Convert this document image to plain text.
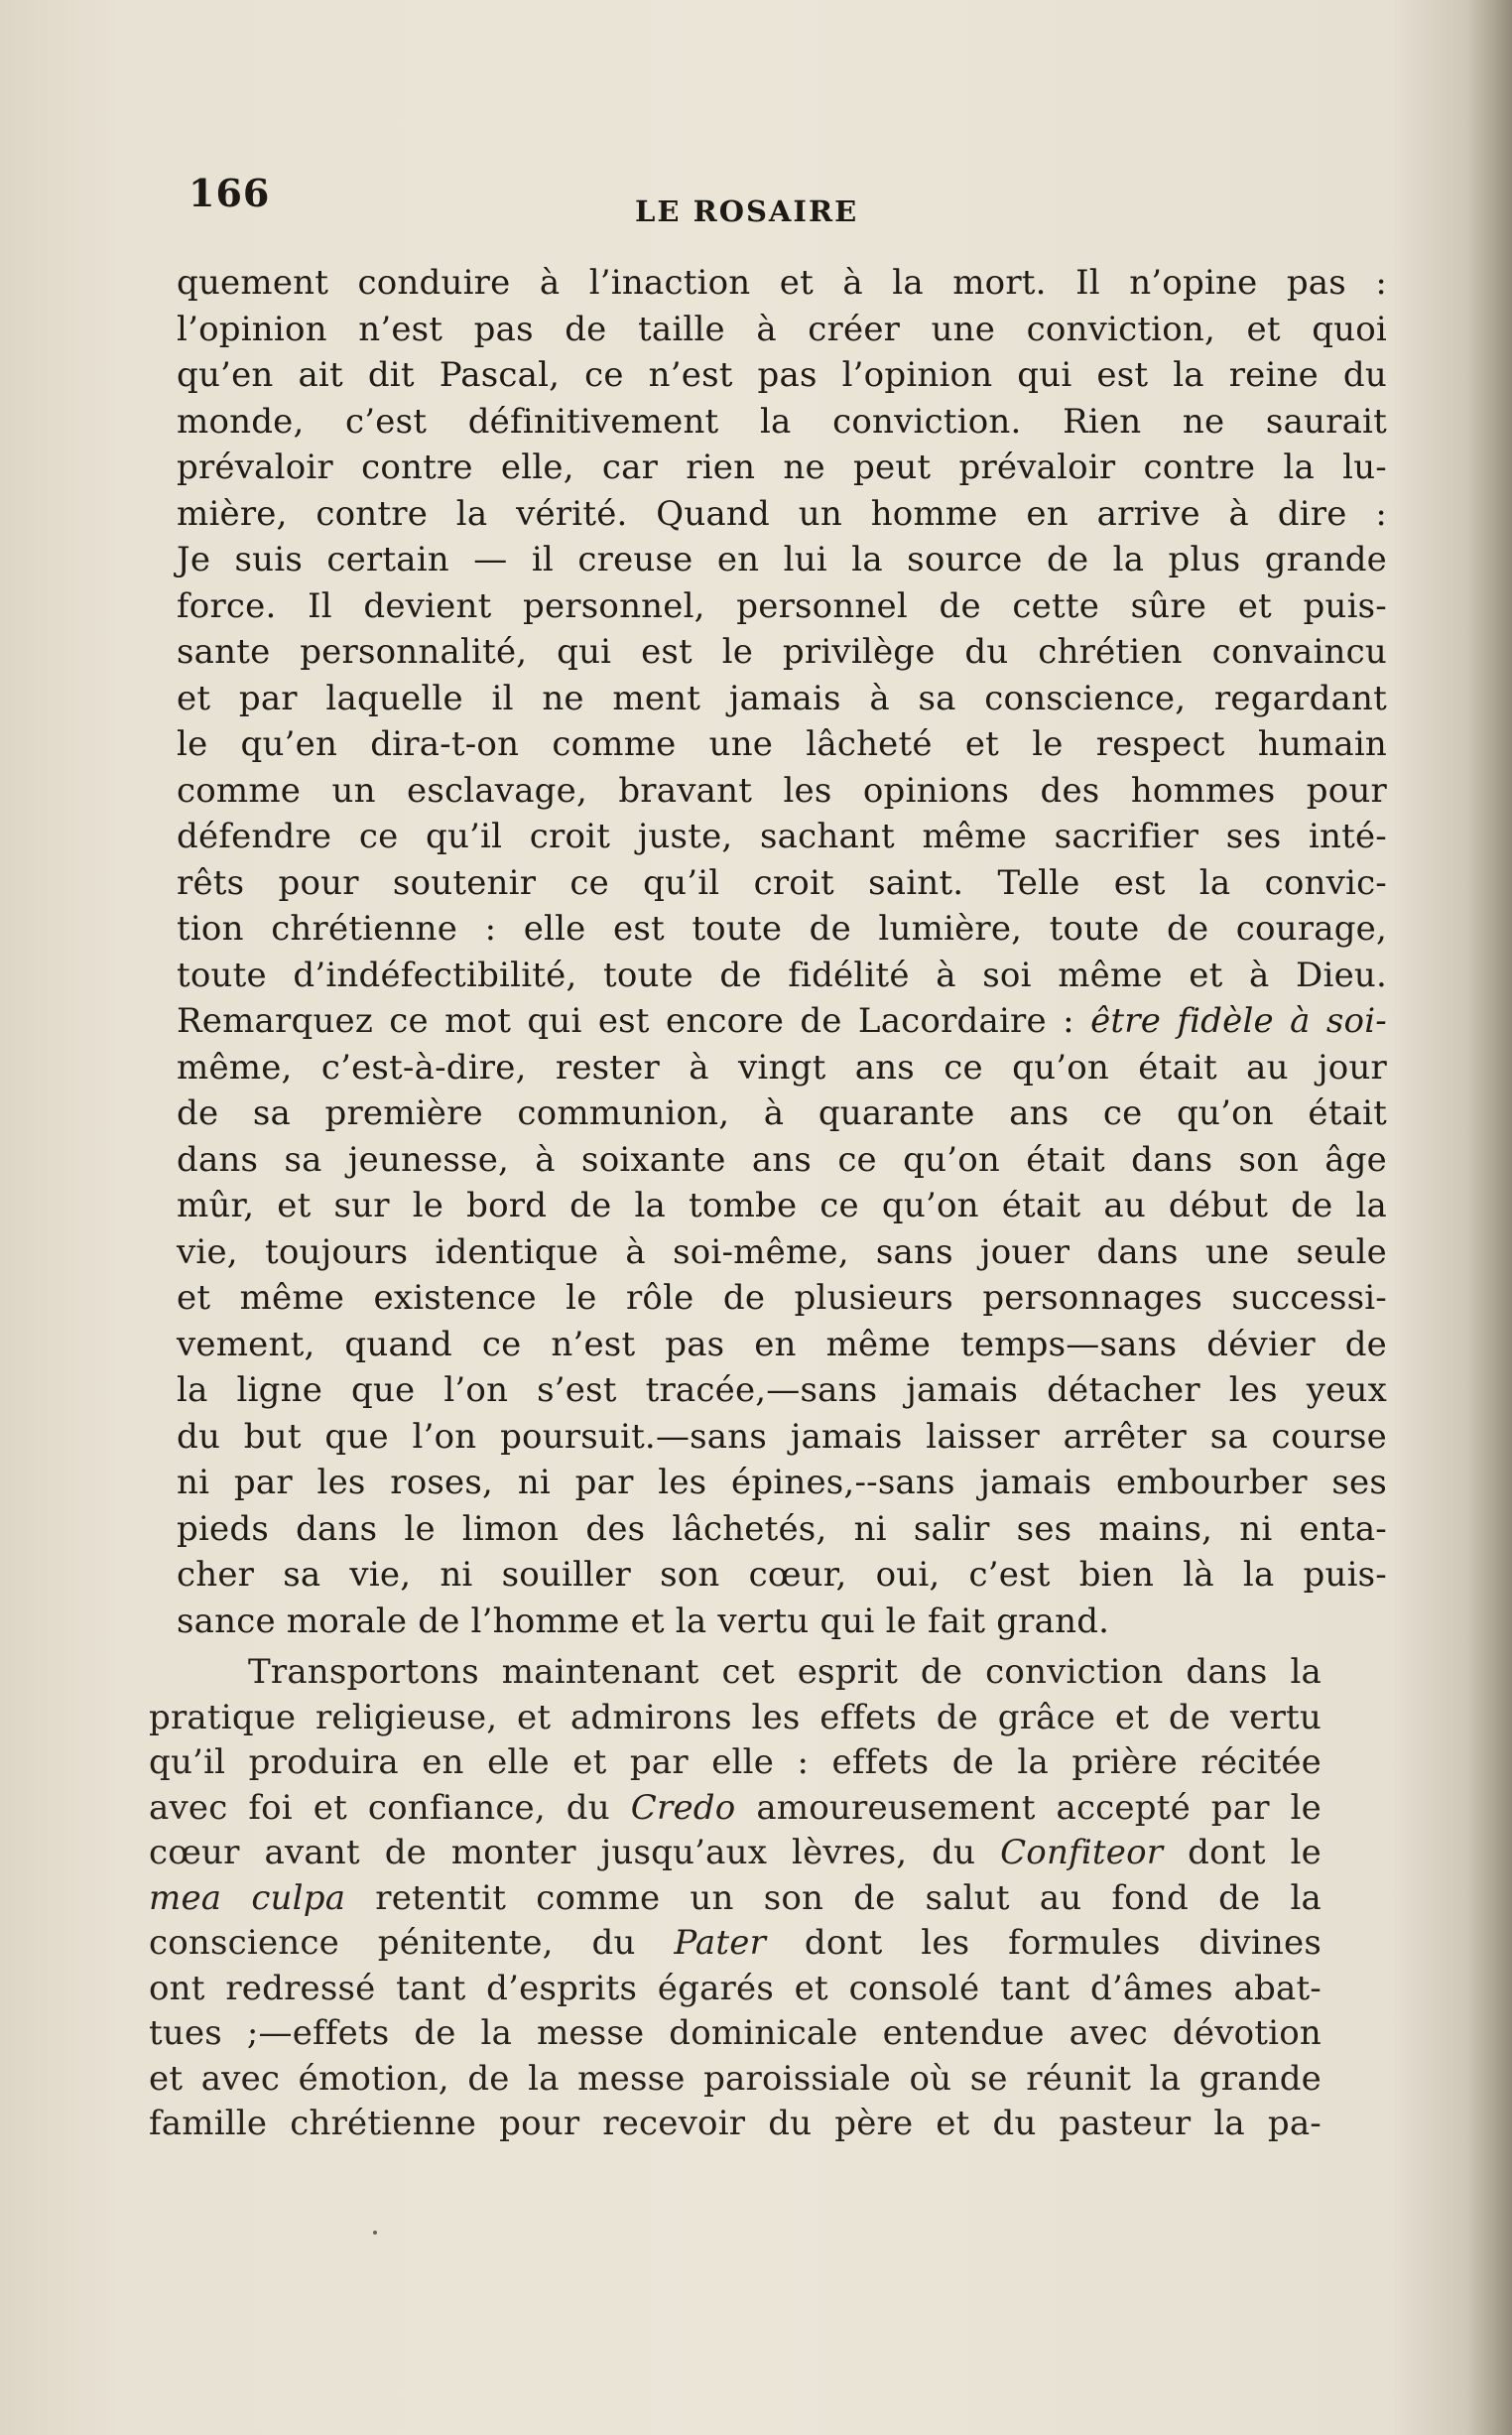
166	LE ROSAIRE
quement conduire à l’inaction et à la mort. Il n’opine pas :
l’opinion n’est pas de taille à créer une conviction, et quoi
qu’en ait dit Pascal, ce n’est pas l’opinion qui est la reine du
monde, c’est définitivement la conviction. Rien ne saurait
prévaloir contre elle, car rien ne peut prévaloir contre la lu-
mière, contre la vérité. Quand un homme en arrive à dire :
Je suis certain — il creuse en lui la source de la plus grande
force. Il devient personnel, personnel de cette sûre et puis-
sante personnalité, qui est le privilège du chrétien convaincu
et par laquelle il ne ment jamais à sa conscience, regardant
le qu’en dira-t-on comme une lâcheté et le respect humain
comme un esclavage, bravant les opinions des hommes pour
défendre ce qu’il croit juste, sachant même sacrifier ses inté-
rêts pour soutenir ce qu’il croit saint. Telle est la convic-
tion chrétienne : elle est toute de lumière, toute de courage,
toute d’indéfectibilité, toute de fidélité à soi même et à Dieu.
Remarquez ce mot qui est encore de Lacordaire : être fidèle à soi-
même, c’est-à-dire, rester à vingt ans ce qu’on était au jour
de sa première communion, à quarante ans ce qu’on était
dans sa jeunesse, à soixante ans ce qu’on était dans son âge
mûr, et sur le bord de la tombe ce qu’on était au début de la
vie, toujours identique à soi-même, sans jouer dans une seule
et même existence le rôle de plusieurs personnages successi-
vement, quand ce n’est pas en même temps—sans dévier de
la ligne que l’on s’est tracée,—sans jamais détacher les yeux
du but que l’on poursuit.—sans jamais laisser arrêter sa course
ni par les roses, ni par les épines,--sans jamais embourber ses
pieds dans le limon des lâchetés, ni salir ses mains, ni enta-
cher sa vie, ni souiller son cœur, oui, c’est bien là la puis-
sance morale de l’homme et la vertu qui le fait grand.
Transportons maintenant cet esprit de conviction dans la
pratique religieuse, et admirons les effets de grâce et de vertu
qu’il produira en elle et par elle : effets de la prière récitée
avec foi et confiance, du Credo amoureusement accepté par le
cœur avant de monter jusqu’aux lèvres, du Confiteor dont le
mea culpa retentit comme un son de salut au fond de la
conscience pénitente, du Pater dont les formules divines
ont redressé tant d’esprits égarés et consolé tant d’âmes abat-
tues ;—effets de la messe dominicale entendue avec dévotion
et avec émotion, de la messe paroissiale où se réunit la grande
famille chrétienne pour recevoir du père et du pasteur la pa-
